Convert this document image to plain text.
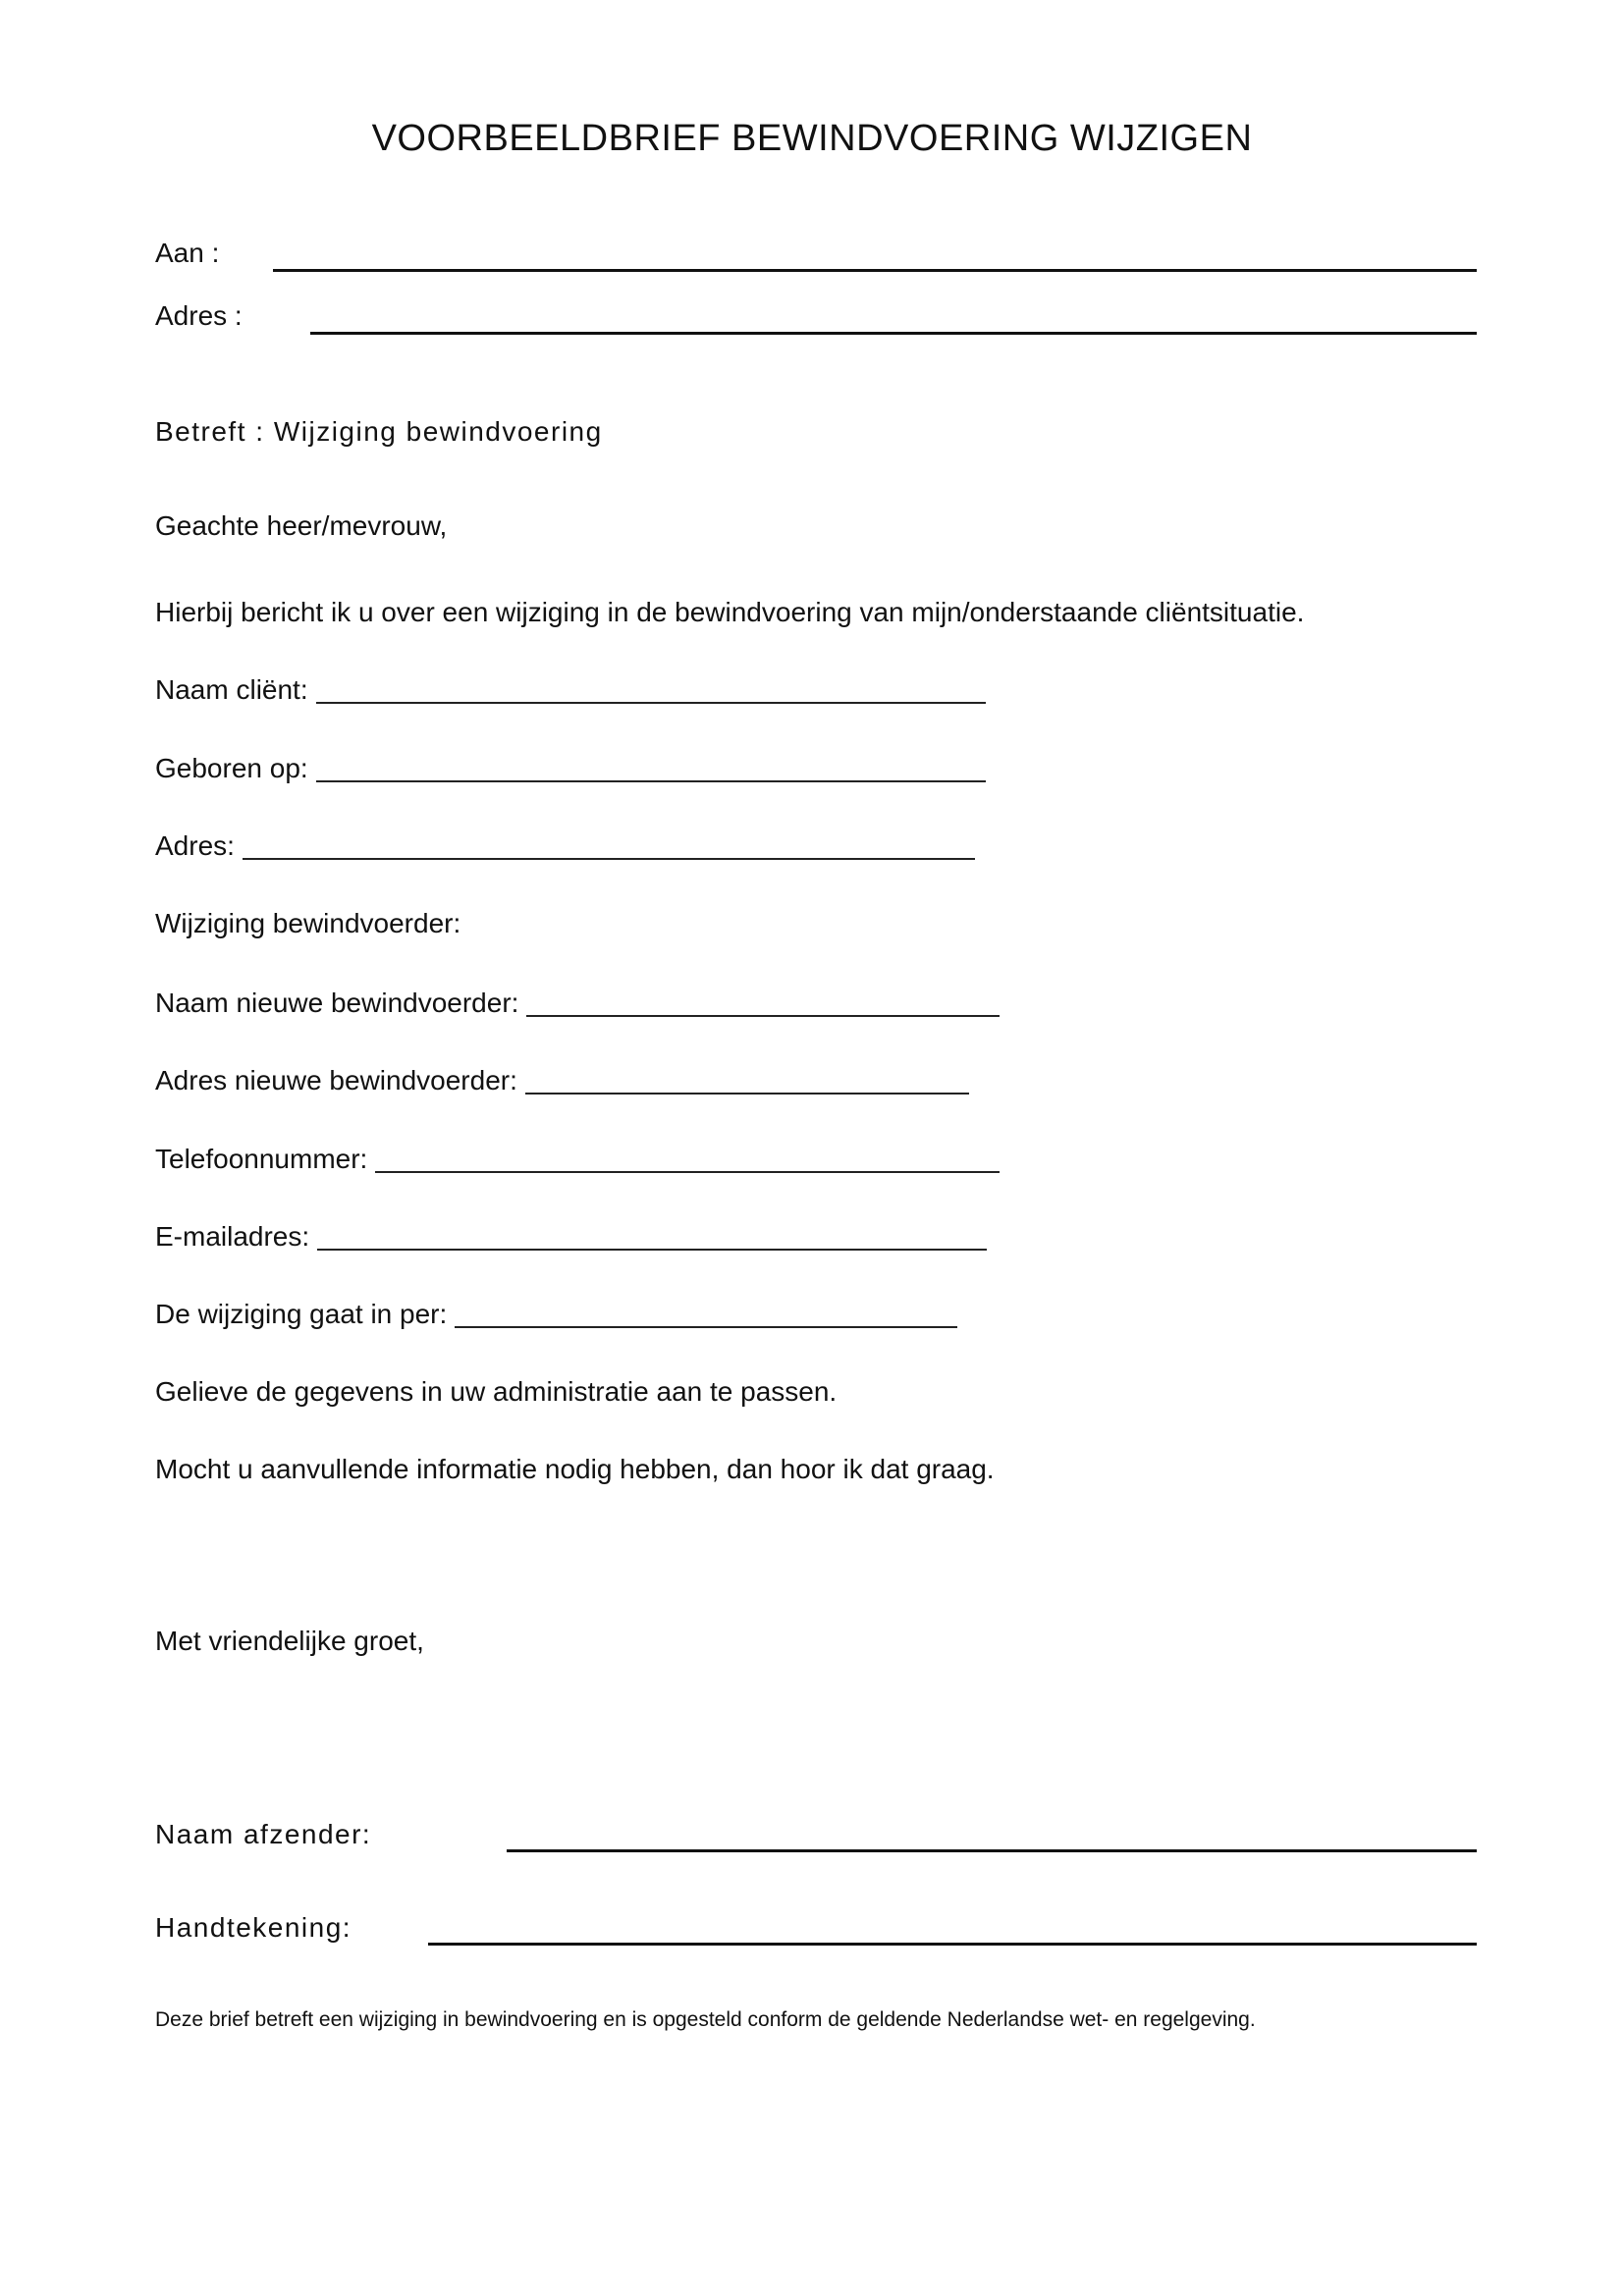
VOORBEELDBRIEF BEWINDVOERING WIJZIGEN
Aan :
Adres :
Betreft : Wijziging bewindvoering
Geachte heer/mevrouw,
Hierbij bericht ik u over een wijziging in de bewindvoering van mijn/onderstaande cliëntsituatie.
Naam cliënt:
Geboren op:
Adres:
Wijziging bewindvoerder:
Naam nieuwe bewindvoerder:
Adres nieuwe bewindvoerder:
Telefoonnummer:
E-mailadres:
De wijziging gaat in per:
Gelieve de gegevens in uw administratie aan te passen.
Mocht u aanvullende informatie nodig hebben, dan hoor ik dat graag.
Met vriendelijke groet,
Naam afzender:
Handtekening:
Deze brief betreft een wijziging in bewindvoering en is opgesteld conform de geldende Nederlandse wet- en regelgeving.
